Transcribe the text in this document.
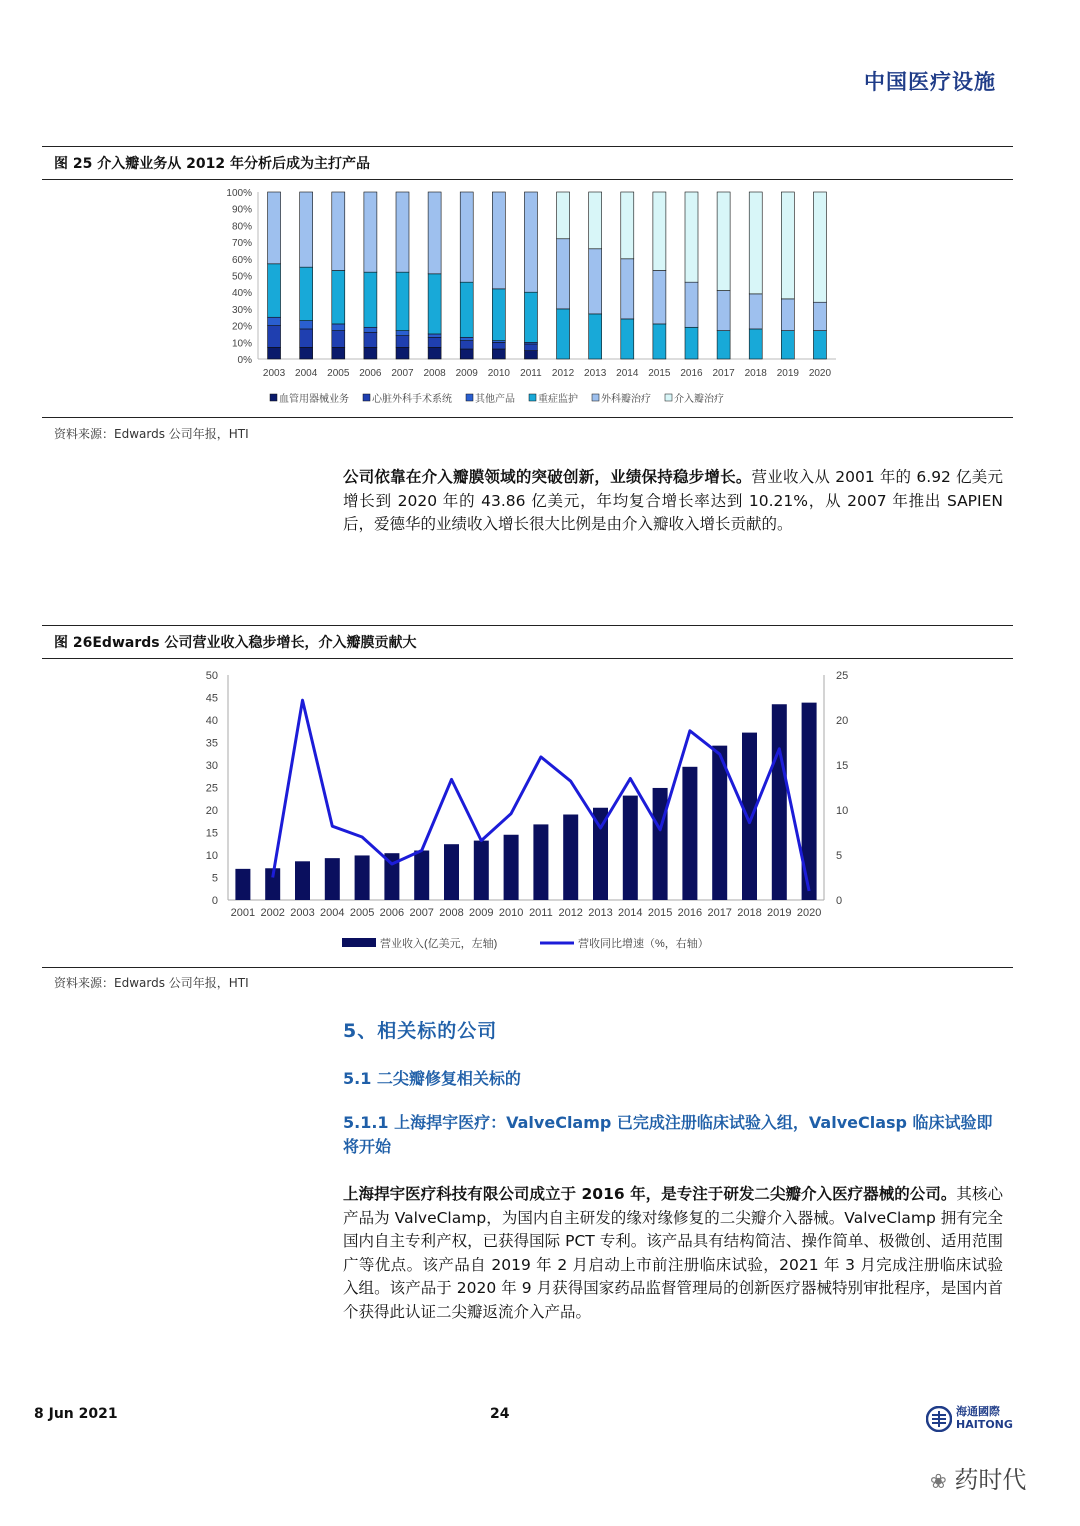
中国医疗设施
图 25 介入瓣业务从 2012 年分析后成为主打产品
0%
10%
20%
30%
40%
50%
60%
70%
80%
90%
100%
2003 2004 2005 2006 2007 2008 2009 2010 2011 2012 2013 2014 2015 2016 2017 2018 2019 2020
血管用器械业务 心脏外科手术系统 其他产品 重症监护 外科瓣治疗 介入瓣治疗
资料来源：Edwards 公司年报，HTI
公司依靠在介入瓣膜领域的突破创新，业绩保持稳步增长。营业收入从 2001 年的 6.92 亿美元增长到 2020 年的 43.86 亿美元，年均复合增长率达到 10.21%，从 2007 年推出 SAPIEN 后，爱德华的业绩收入增长很大比例是由介入瓣收入增长贡献的。
图 26Edwards 公司营业收入稳步增长，介入瓣膜贡献大
0
5
10
15
20
25
30
35
40
45
50
0
5
10
15
20
25
2001 2002 2003 2004 2005 2006 2007 2008 2009 2010 2011 2012 2013 2014 2015 2016 2017 2018 2019 2020
营业收入(亿美元，左轴)	营收同比增速（%，右轴）
资料来源：Edwards 公司年报，HTI
5、相关标的公司
5.1 二尖瓣修复相关标的
5.1.1 上海捍宇医疗：ValveClamp 已完成注册临床试验入组，ValveClasp 临床试验即将开始
上海捍宇医疗科技有限公司成立于 2016 年，是专注于研发二尖瓣介入医疗器械的公司。其核心产品为 ValveClamp，为国内自主研发的缘对缘修复的二尖瓣介入器械。ValveClamp 拥有完全国内自主专利产权，已获得国际 PCT 专利。该产品具有结构简洁、操作简单、极微创、适用范围广等优点。该产品自 2019 年 2 月启动上市前注册临床试验，2021 年 3 月完成注册临床试验入组。该产品于 2020 年 9 月获得国家药品监督管理局的创新医疗器械特别审批程序，是国内首个获得此认证二尖瓣返流介入产品。
8 Jun 2021	24	海通國際
HAITONG
❀ 药时代
